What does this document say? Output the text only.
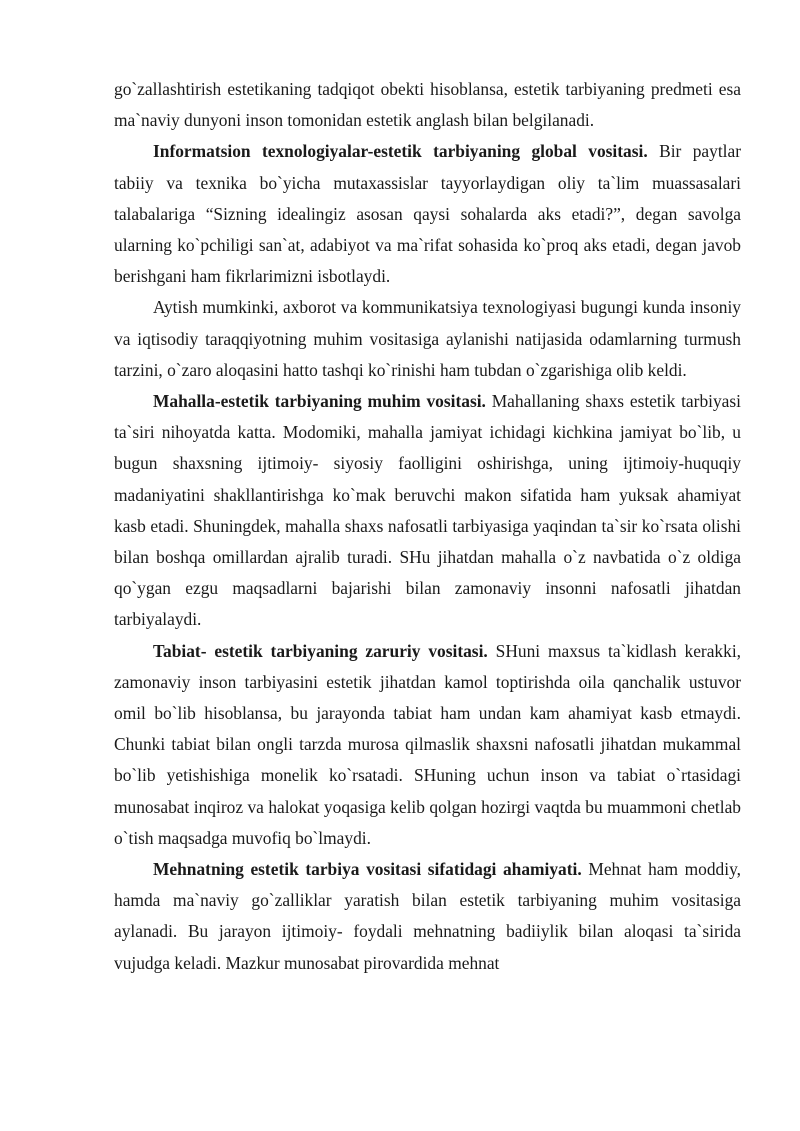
go`zallashtirish estetikaning tadqiqot obekti hisoblansa, estetik tarbiyaning predmeti esa ma`naviy dunyoni inson tomonidan estetik anglash bilan belgilanadi.

Informatsion texnologiyalar-estetik tarbiyaning global vositasi. Bir paytlar tabiiy va texnika bo`yicha mutaxassislar tayyorlaydigan oliy ta`lim muassasalari talabalariga “Sizning idealingiz asosan qaysi sohalarda aks etadi?”, degan savolga ularning ko`pchiligi san`at, adabiyot va ma`rifat sohasida ko`proq aks etadi, degan javob berishgani ham fikrlarimizni isbotlaydi.

Aytish mumkinki, axborot va kommunikatsiya texnologiyasi bugungi kunda insoniy va iqtisodiy taraqqiyotning muhim vositasiga aylanishi natijasida odamlarning turmush tarzini, o`zaro aloqasini hatto tashqi ko`rinishi ham tubdan o`zgarishiga olib keldi.

Mahalla-estetik tarbiyaning muhim vositasi. Mahallaning shaxs estetik tarbiyasi ta`siri nihoyatda katta. Modomiki, mahalla jamiyat ichidagi kichkina jamiyat bo`lib, u bugun shaxsning ijtimoiy- siyosiy faolligini oshirishga, uning ijtimoiy-huquqiy madaniyatini shakllantirishga ko`mak beruvchi makon sifatida ham yuksak ahamiyat kasb etadi. Shuningdek, mahalla shaxs nafosatli tarbiyasiga yaqindan ta`sir ko`rsata olishi bilan boshqa omillardan ajralib turadi. SHu jihatdan mahalla o`z navbatida o`z oldiga qo`ygan ezgu maqsadlarni bajarishi bilan zamonaviy insonni nafosatli jihatdan tarbiyalaydi.

Tabiat- estetik tarbiyaning zaruriy vositasi. SHuni maxsus ta`kidlash kerakki, zamonaviy inson tarbiyasini estetik jihatdan kamol toptirishda oila qanchalik ustuvor omil bo`lib hisoblansa, bu jarayonda tabiat ham undan kam ahamiyat kasb etmaydi. Chunki tabiat bilan ongli tarzda murosa qilmaslik shaxsni nafosatli jihatdan mukammal bo`lib yetishishiga monelik ko`rsatadi. SHuning uchun inson va tabiat o`rtasidagi munosabat inqiroz va halokat yoqasiga kelib qolgan hozirgi vaqtda bu muammoni chetlab o`tish maqsadga muvofiq bo`lmaydi.

Mehnatning estetik tarbiya vositasi sifatidagi ahamiyati. Mehnat ham moddiy, hamda ma`naviy go`zalliklar yaratish bilan estetik tarbiyaning muhim vositasiga aylanadi. Bu jarayon ijtimoiy- foydali mehnatning badiiylik bilan aloqasi ta`sirida vujudga keladi. Mazkur munosabat pirovardida mehnat
